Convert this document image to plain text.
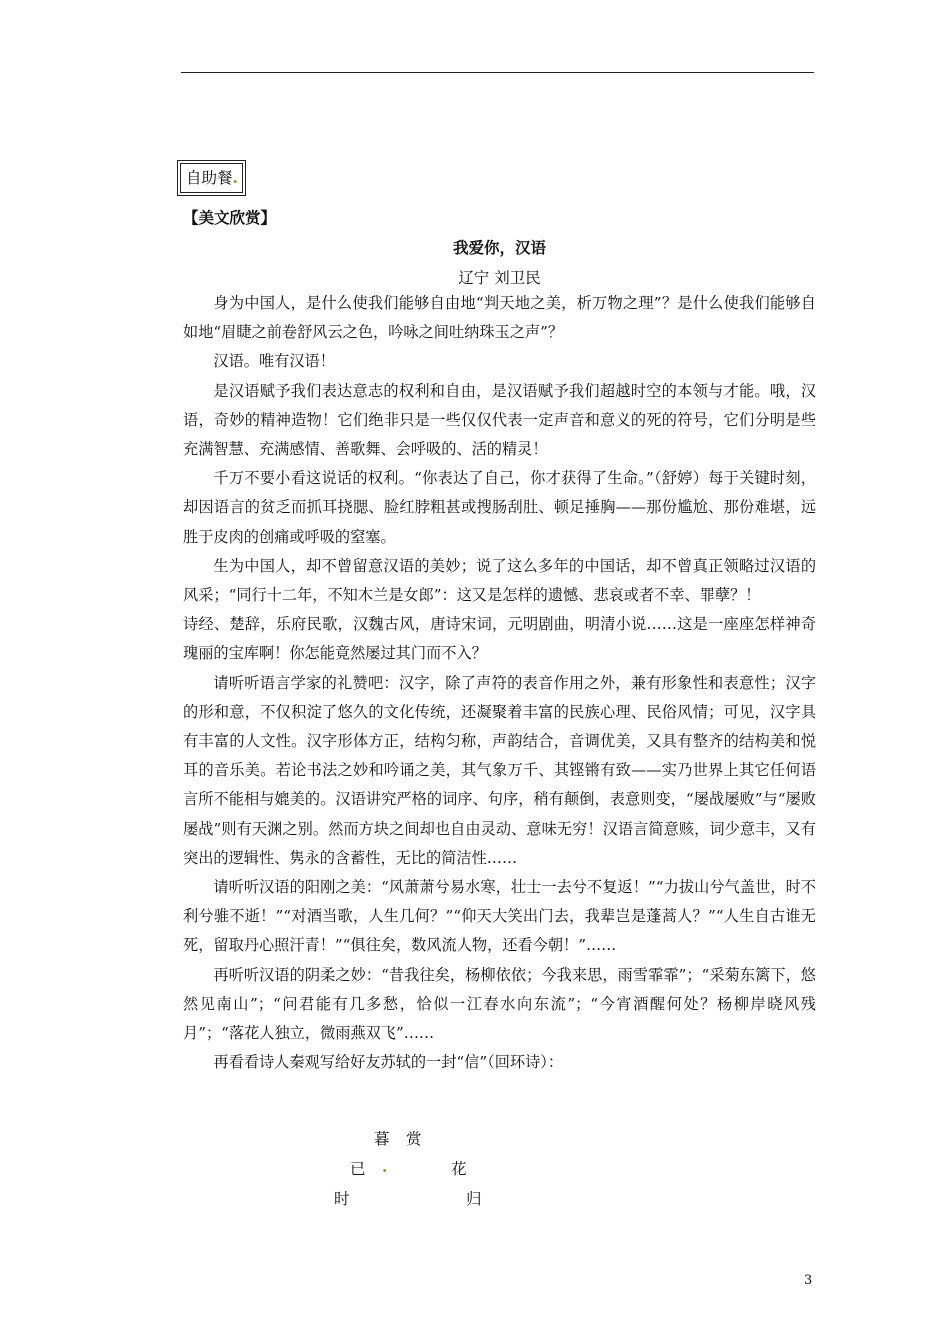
自助餐.
【美文欣赏】
我爱你，汉语
辽宁 刘卫民

身为中国人，是什么使我们能够自由地“判天地之美，析万物之理”？是什么使我们能够自如地“眉睫之前卷舒风云之色，吟咏之间吐纳珠玉之声”？

汉语。唯有汉语！

是汉语赋予我们表达意志的权利和自由，是汉语赋予我们超越时空的本领与才能。哦，汉语，奇妙的精神造物！它们绝非只是一些仅仅代表一定声音和意义的死的符号，它们分明是些充满智慧、充满感情、善歌舞、会呼吸的、活的精灵！

千万不要小看这说话的权利。“你表达了自己，你才获得了生命。”（舒婷）每于关键时刻，却因语言的贫乏而抓耳挠腮、脸红脖粗甚或搜肠刮肚、顿足捶胸——那份尴尬、那份难堪，远胜于皮肉的创痛或呼吸的窒塞。

生为中国人，却不曾留意汉语的美妙；说了这么多年的中国话，却不曾真正领略过汉语的风采；“同行十二年，不知木兰是女郎”：这又是怎样的遗憾、悲哀或者不幸、罪孽？！

诗经、楚辞，乐府民歌，汉魏古风，唐诗宋词，元明剧曲，明清小说……这是一座座怎样神奇瑰丽的宝库啊！你怎能竟然屡过其门而不入？

请听听语言学家的礼赞吧：汉字，除了声符的表音作用之外，兼有形象性和表意性；汉字的形和意，不仅积淀了悠久的文化传统，还凝聚着丰富的民族心理、民俗风情；可见，汉字具有丰富的人文性。汉字形体方正，结构匀称，声韵结合，音调优美，又具有整齐的结构美和悦耳的音乐美。若论书法之妙和吟诵之美，其气象万千、其铿锵有致——实乃世界上其它任何语言所不能相与媲美的。汉语讲究严格的词序、句序，稍有颠倒，表意则变，“屡战屡败”与“屡败屡战”则有天渊之别。然而方块之间却也自由灵动、意味无穷！汉语言简意赅，词少意丰，又有突出的逻辑性、隽永的含蓄性，无比的简洁性……

请听听汉语的阳刚之美：“风萧萧兮易水寒，壮士一去兮不复返！”“力拔山兮气盖世，时不利兮骓不逝！”“对酒当歌，人生几何？”“仰天大笑出门去，我辈岂是蓬蒿人？”“人生自古谁无死，留取丹心照汗青！”“俱往矣，数风流人物，还看今朝！”……

再听听汉语的阴柔之妙：“昔我往矣，杨柳依依；今我来思，雨雪霏霏”；“采菊东篱下，悠然见南山”；“问君能有几多愁，恰似一江春水向东流”；“今宵酒醒何处？杨柳岸晓风残月”；“落花人独立，微雨燕双飞”……

再看看诗人秦观写给好友苏轼的一封“信”（回环诗）：

暮 赏
已 .	花
时	归
3
